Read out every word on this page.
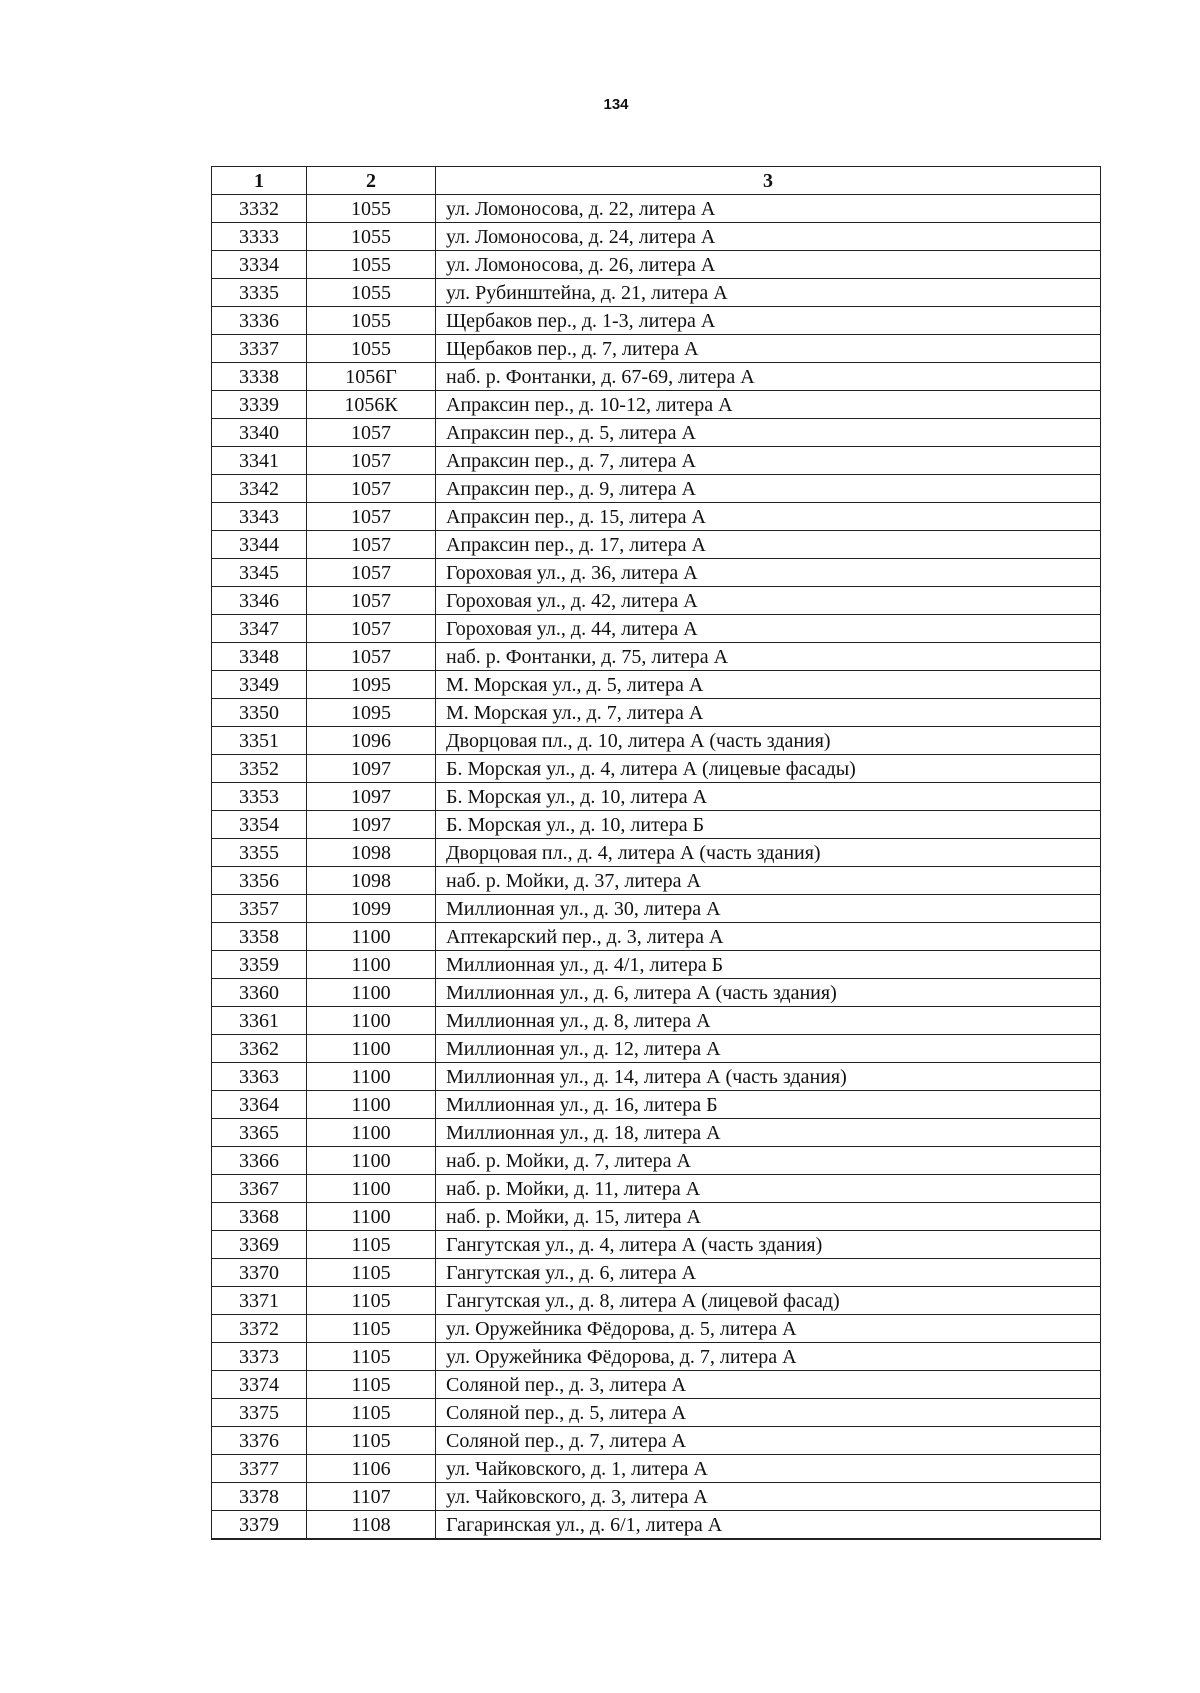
134
1	2	3
3332	1055	ул. Ломоносова, д. 22, литера А
3333	1055	ул. Ломоносова, д. 24, литера А
3334	1055	ул. Ломоносова, д. 26, литера А
3335	1055	ул. Рубинштейна, д. 21, литера А
3336	1055	Щербаков пер., д. 1-3, литера А
3337	1055	Щербаков пер., д. 7, литера А
3338	1056Г	наб. р. Фонтанки, д. 67-69, литера А
3339	1056К	Апраксин пер., д. 10-12, литера А
3340	1057	Апраксин пер., д. 5, литера А
3341	1057	Апраксин пер., д. 7, литера А
3342	1057	Апраксин пер., д. 9, литера А
3343	1057	Апраксин пер., д. 15, литера А
3344	1057	Апраксин пер., д. 17, литера А
3345	1057	Гороховая ул., д. 36, литера А
3346	1057	Гороховая ул., д. 42, литера А
3347	1057	Гороховая ул., д. 44, литера А
3348	1057	наб. р. Фонтанки, д. 75, литера А
3349	1095	М. Морская ул., д. 5, литера А
3350	1095	М. Морская ул., д. 7, литера А
3351	1096	Дворцовая пл., д. 10, литера А (часть здания)
3352	1097	Б. Морская ул., д. 4, литера А (лицевые фасады)
3353	1097	Б. Морская ул., д. 10, литера А
3354	1097	Б. Морская ул., д. 10, литера Б
3355	1098	Дворцовая пл., д. 4, литера А (часть здания)
3356	1098	наб. р. Мойки, д. 37, литера А
3357	1099	Миллионная ул., д. 30, литера А
3358	1100	Аптекарский пер., д. 3, литера А
3359	1100	Миллионная ул., д. 4/1, литера Б
3360	1100	Миллионная ул., д. 6, литера А (часть здания)
3361	1100	Миллионная ул., д. 8, литера А
3362	1100	Миллионная ул., д. 12, литера А
3363	1100	Миллионная ул., д. 14, литера А (часть здания)
3364	1100	Миллионная ул., д. 16, литера Б
3365	1100	Миллионная ул., д. 18, литера А
3366	1100	наб. р. Мойки, д. 7, литера А
3367	1100	наб. р. Мойки, д. 11, литера А
3368	1100	наб. р. Мойки, д. 15, литера А
3369	1105	Гангутская ул., д. 4, литера А (часть здания)
3370	1105	Гангутская ул., д. 6, литера А
3371	1105	Гангутская ул., д. 8, литера А (лицевой фасад)
3372	1105	ул. Оружейника Фёдорова, д. 5, литера А
3373	1105	ул. Оружейника Фёдорова, д. 7, литера А
3374	1105	Соляной пер., д. 3, литера А
3375	1105	Соляной пер., д. 5, литера А
3376	1105	Соляной пер., д. 7, литера А
3377	1106	ул. Чайковского, д. 1, литера А
3378	1107	ул. Чайковского, д. 3, литера А
3379	1108	Гагаринская ул., д. 6/1, литера А
